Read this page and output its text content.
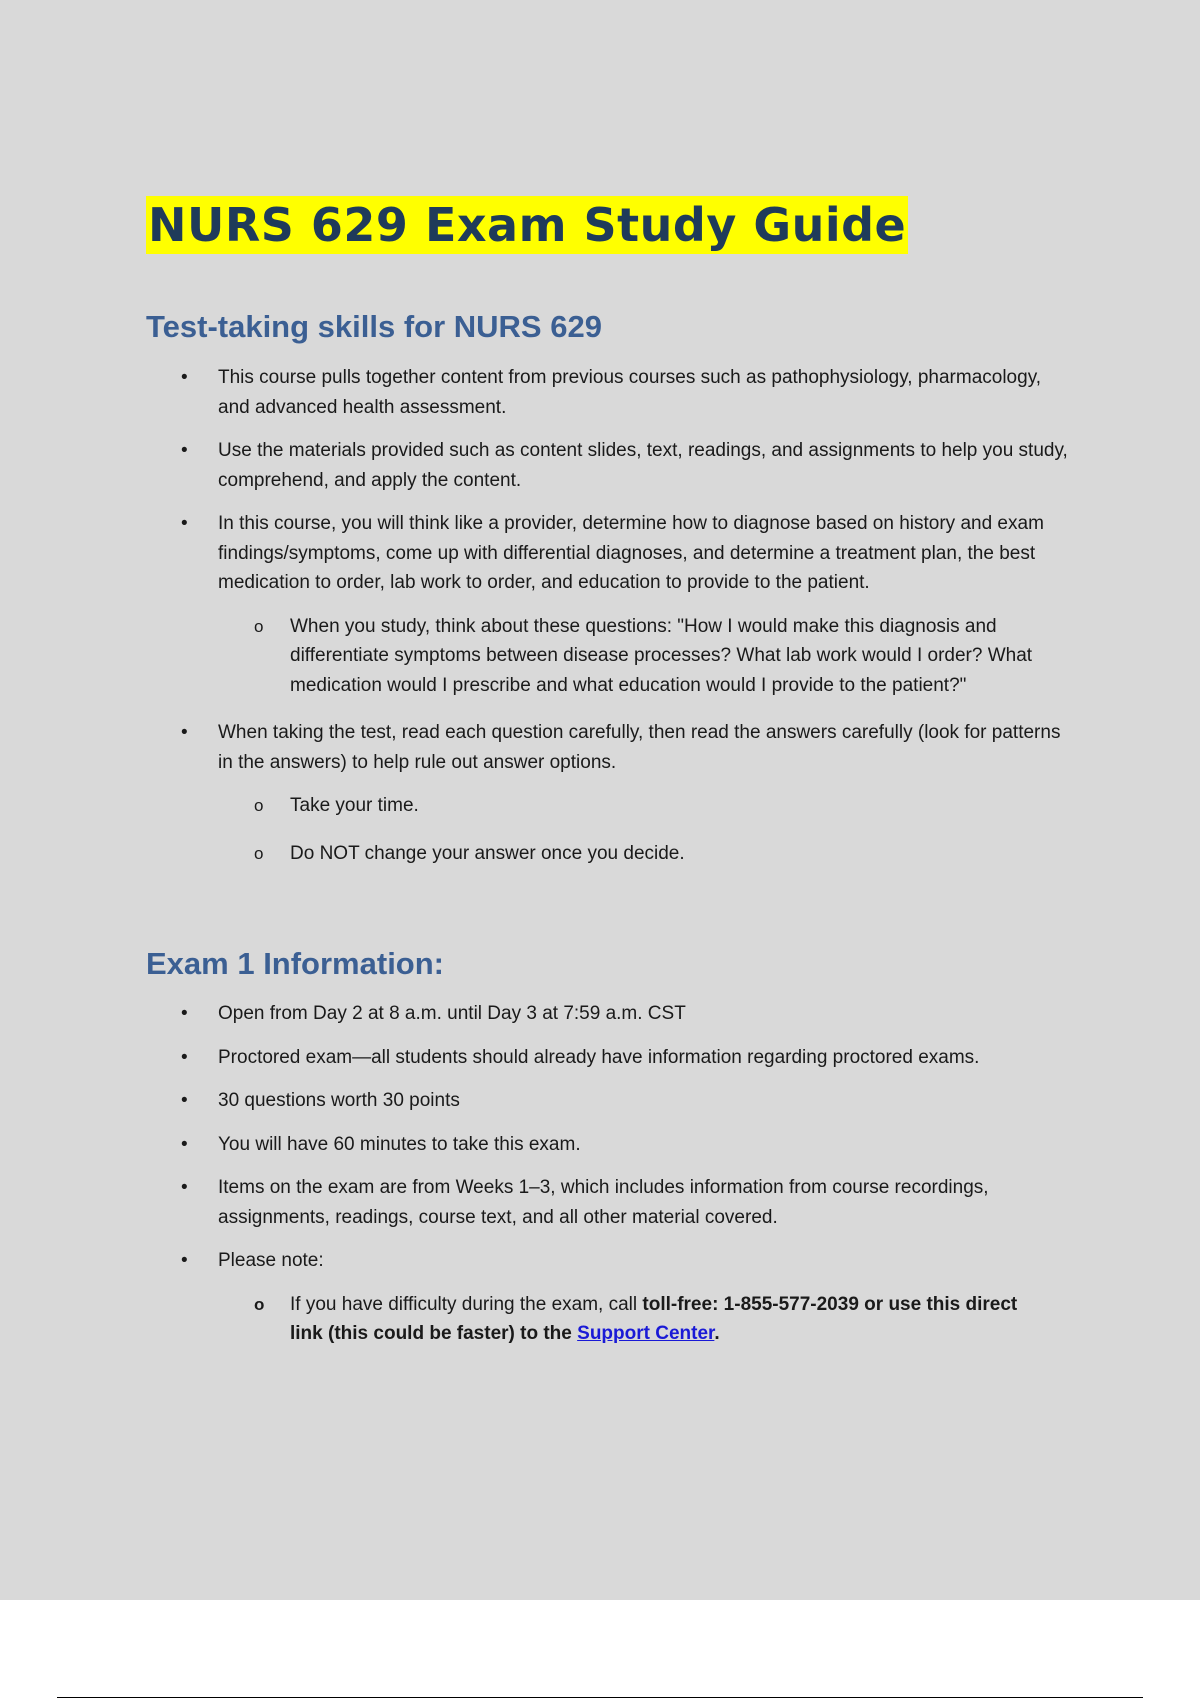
NURS 629 Exam Study Guide
Test-taking skills for NURS 629
• This course pulls together content from previous courses such as pathophysiology, pharmacology, and advanced health assessment.
• Use the materials provided such as content slides, text, readings, and assignments to help you study, comprehend, and apply the content.
• In this course, you will think like a provider, determine how to diagnose based on history and exam findings/symptoms, come up with differential diagnoses, and determine a treatment plan, the best medication to order, lab work to order, and education to provide to the patient.
o When you study, think about these questions: "How I would make this diagnosis and differentiate symptoms between disease processes? What lab work would I order? What medication would I prescribe and what education would I provide to the patient?"
• When taking the test, read each question carefully, then read the answers carefully (look for patterns in the answers) to help rule out answer options.
o Take your time.
o Do NOT change your answer once you decide.
Exam 1 Information:
• Open from Day 2 at 8 a.m. until Day 3 at 7:59 a.m. CST
• Proctored exam—all students should already have information regarding proctored exams.
• 30 questions worth 30 points
• You will have 60 minutes to take this exam.
• Items on the exam are from Weeks 1–3, which includes information from course recordings, assignments, readings, course text, and all other material covered.
• Please note:
o If you have difficulty during the exam, call toll-free: 1-855-577-2039 or use this direct link (this could be faster) to the Support Center.
